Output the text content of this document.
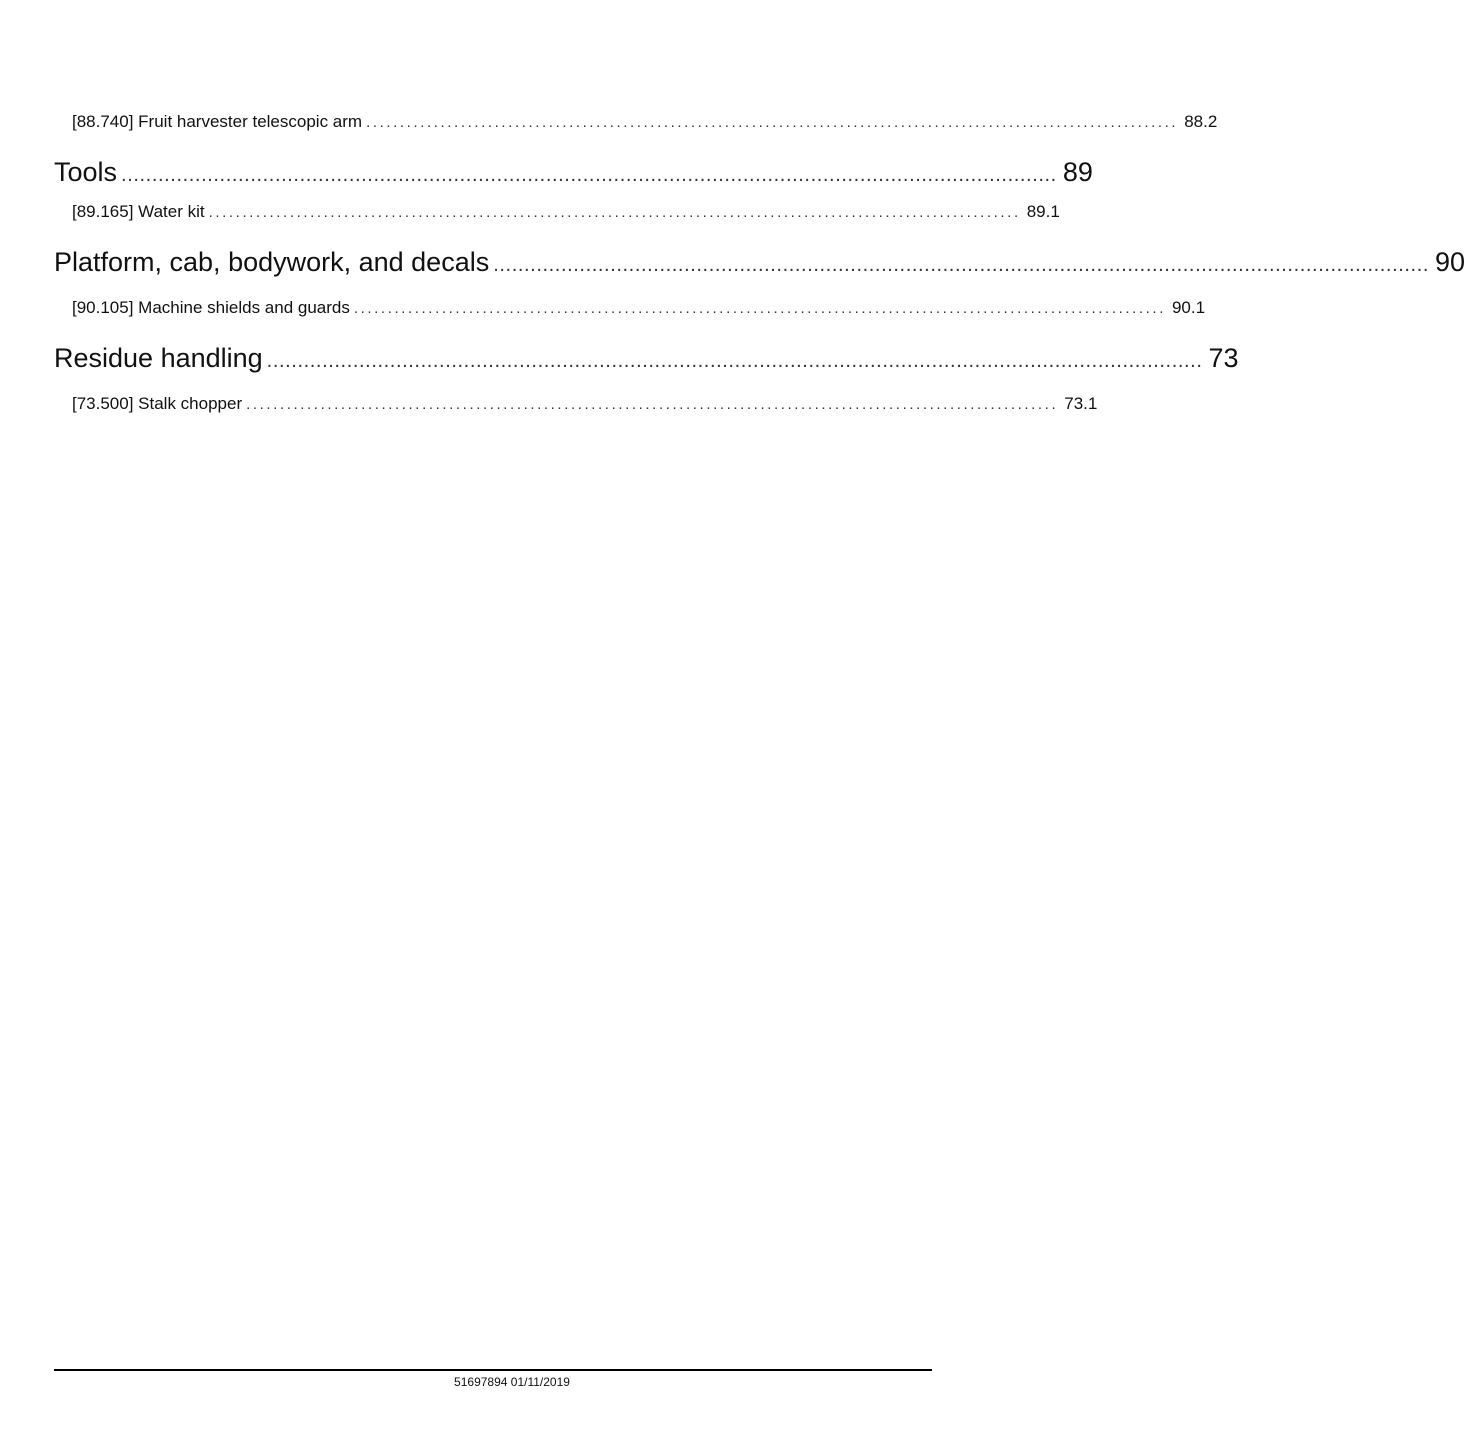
[88.740] Fruit harvester telescopic arm ........................................................................................................................ 88.2
Tools ........................................................................................................................................................ 89
[89.165] Water kit ........................................................................................................................ 89.1
Platform, cab, bodywork, and decals ........................................................................................................................................................ 90
[90.105] Machine shields and guards ........................................................................................................................ 90.1
Residue handling ........................................................................................................................................................ 73
[73.500] Stalk chopper ........................................................................................................................ 73.1
51697894 01/11/2019
